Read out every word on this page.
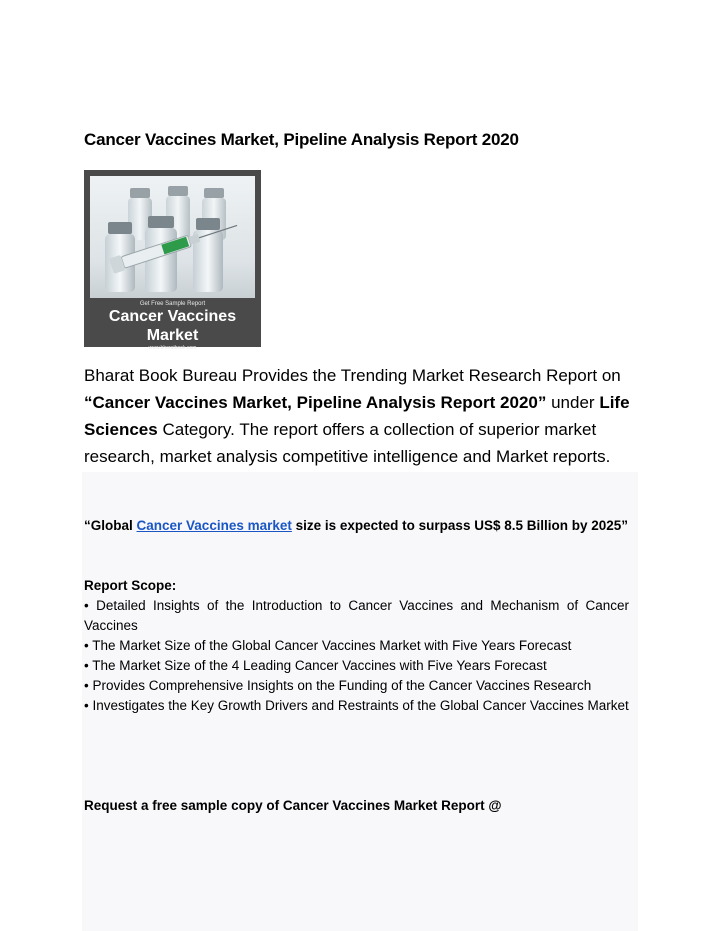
Cancer Vaccines Market, Pipeline Analysis Report 2020
Get Free Sample Report
Cancer Vaccines
Market
www.bharatbook.com
Bharat Book Bureau Provides the Trending Market Research Report on “Cancer Vaccines Market, Pipeline Analysis Report 2020” under Life Sciences Category. The report offers a collection of superior market research, market analysis competitive intelligence and Market reports.
“Global Cancer Vaccines market size is expected to surpass US$ 8.5 Billion by 2025”
Report Scope:
• Detailed Insights of the Introduction to Cancer Vaccines and Mechanism of Cancer Vaccines
• The Market Size of the Global Cancer Vaccines Market with Five Years Forecast
• The Market Size of the 4 Leading Cancer Vaccines with Five Years Forecast
• Provides Comprehensive Insights on the Funding of the Cancer Vaccines Research
• Investigates the Key Growth Drivers and Restraints of the Global Cancer Vaccines Market
Request a free sample copy of Cancer Vaccines Market Report @
